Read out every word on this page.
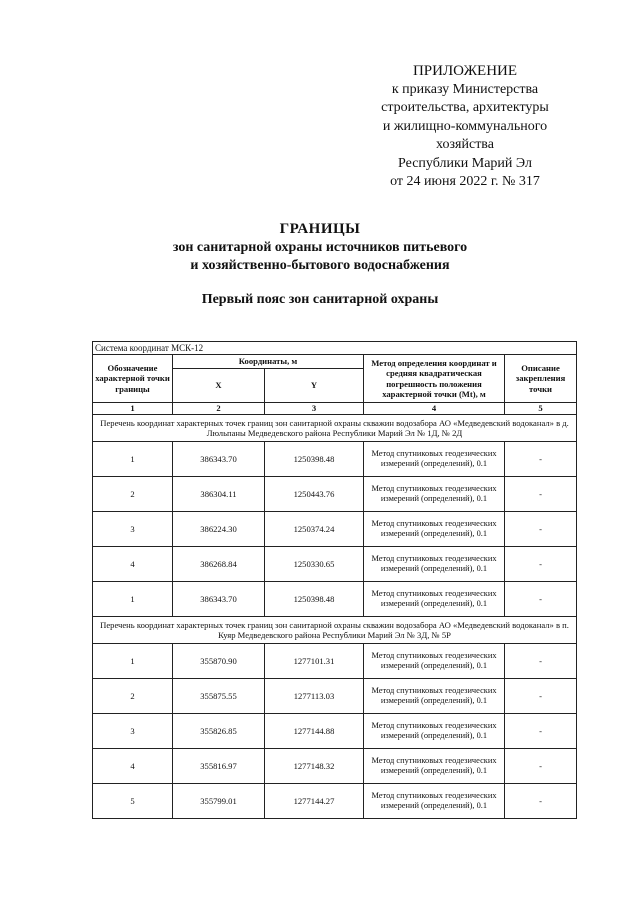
ПРИЛОЖЕНИЕ
к приказу Министерства
строительства, архитектуры
и жилищно-коммунального
хозяйства
Республики Марий Эл
от 24 июня 2022 г. № 317
ГРАНИЦЫ
зон санитарной охраны источников питьевого
и хозяйственно-бытового водоснабжения
Первый пояс зон санитарной охраны
Система координат МСК-12				
Обозначение характерной точки границы	Координаты, м		Метод определения координат и средняя квадратическая погрешность положения характерной точки (Мt), м	Описание закрепления точки
	X	Y		
1	2	3	4	5
Перечень координат характерных точек границ зон санитарной охраны скважин водозабора АО «Медведевский водоканал» в д. Люльпаны Медведевского района Республики Марий Эл № 1Д, № 2Д				
1	386343.70	1250398.48	Метод спутниковых геодезических измерений (определений), 0.1	-
2	386304.11	1250443.76	Метод спутниковых геодезических измерений (определений), 0.1	-
3	386224.30	1250374.24	Метод спутниковых геодезических измерений (определений), 0.1	-
4	386268.84	1250330.65	Метод спутниковых геодезических измерений (определений), 0.1	-
1	386343.70	1250398.48	Метод спутниковых геодезических измерений (определений), 0.1	-
Перечень координат характерных точек границ зон санитарной охраны скважин водозабора АО «Медведевский водоканал» в п. Куяр Медведевского района Республики Марий Эл № 3Д, № 5Р				
1	355870.90	1277101.31	Метод спутниковых геодезических измерений (определений), 0.1	-
2	355875.55	1277113.03	Метод спутниковых геодезических измерений (определений), 0.1	-
3	355826.85	1277144.88	Метод спутниковых геодезических измерений (определений), 0.1	-
4	355816.97	1277148.32	Метод спутниковых геодезических измерений (определений), 0.1	-
5	355799.01	1277144.27	Метод спутниковых геодезических измерений (определений), 0.1	-
